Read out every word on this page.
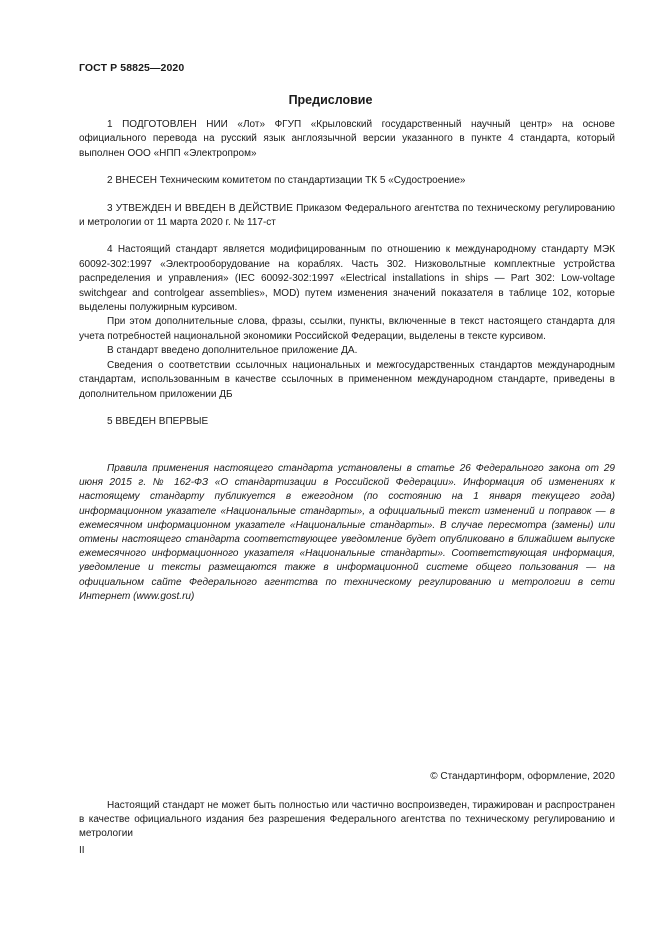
ГОСТ Р 58825—2020
Предисловие

1 ПОДГОТОВЛЕН НИИ «Лот» ФГУП «Крыловский государственный научный центр» на основе официального перевода на русский язык англоязычной версии указанного в пункте 4 стандарта, который выполнен ООО «НПП «Электропром»

2 ВНЕСЕН Техническим комитетом по стандартизации ТК 5 «Судостроение»

3 УТВЕЖДЕН И ВВЕДЕН В ДЕЙСТВИЕ Приказом Федерального агентства по техническому регулированию и метрологии от 11 марта 2020 г. № 117-ст

4 Настоящий стандарт является модифицированным по отношению к международному стандарту МЭК 60092-302:1997 «Электрооборудование на кораблях. Часть 302. Низковольтные комплектные устройства распределения и управления» (IEC 60092-302:1997 «Electrical installations in ships — Part 302: Low-voltage switchgear and controlgear assemblies», MOD) путем изменения значений показателя в таблице 102, которые выделены полужирным курсивом.

При этом дополнительные слова, фразы, ссылки, пункты, включенные в текст настоящего стандарта для учета потребностей национальной экономики Российской Федерации, выделены в тексте курсивом.

В стандарт введено дополнительное приложение ДА.

Сведения о соответствии ссылочных национальных и межгосударственных стандартов международным стандартам, использованным в качестве ссылочных в примененном международном стандарте, приведены в дополнительном приложении ДБ

5 ВВЕДЕН ВПЕРВЫЕ

Правила применения настоящего стандарта установлены в статье 26 Федерального закона от 29 июня 2015 г. № 162-ФЗ «О стандартизации в Российской Федерации». Информация об изменениях к настоящему стандарту публикуется в ежегодном (по состоянию на 1 января текущего года) информационном указателе «Национальные стандарты», а официальный текст изменений и поправок — в ежемесячном информационном указателе «Национальные стандарты». В случае пересмотра (замены) или отмены настоящего стандарта соответствующее уведомление будет опубликовано в ближайшем выпуске ежемесячного информационного указателя «Национальные стандарты». Соответствующая информация, уведомление и тексты размещаются также в информационной системе общего пользования — на официальном сайте Федерального агентства по техническому регулированию и метрологии в сети Интернет (www.gost.ru)

© Стандартинформ, оформление, 2020

Настоящий стандарт не может быть полностью или частично воспроизведен, тиражирован и распространен в качестве официального издания без разрешения Федерального агентства по техническому регулированию и метрологии

II
